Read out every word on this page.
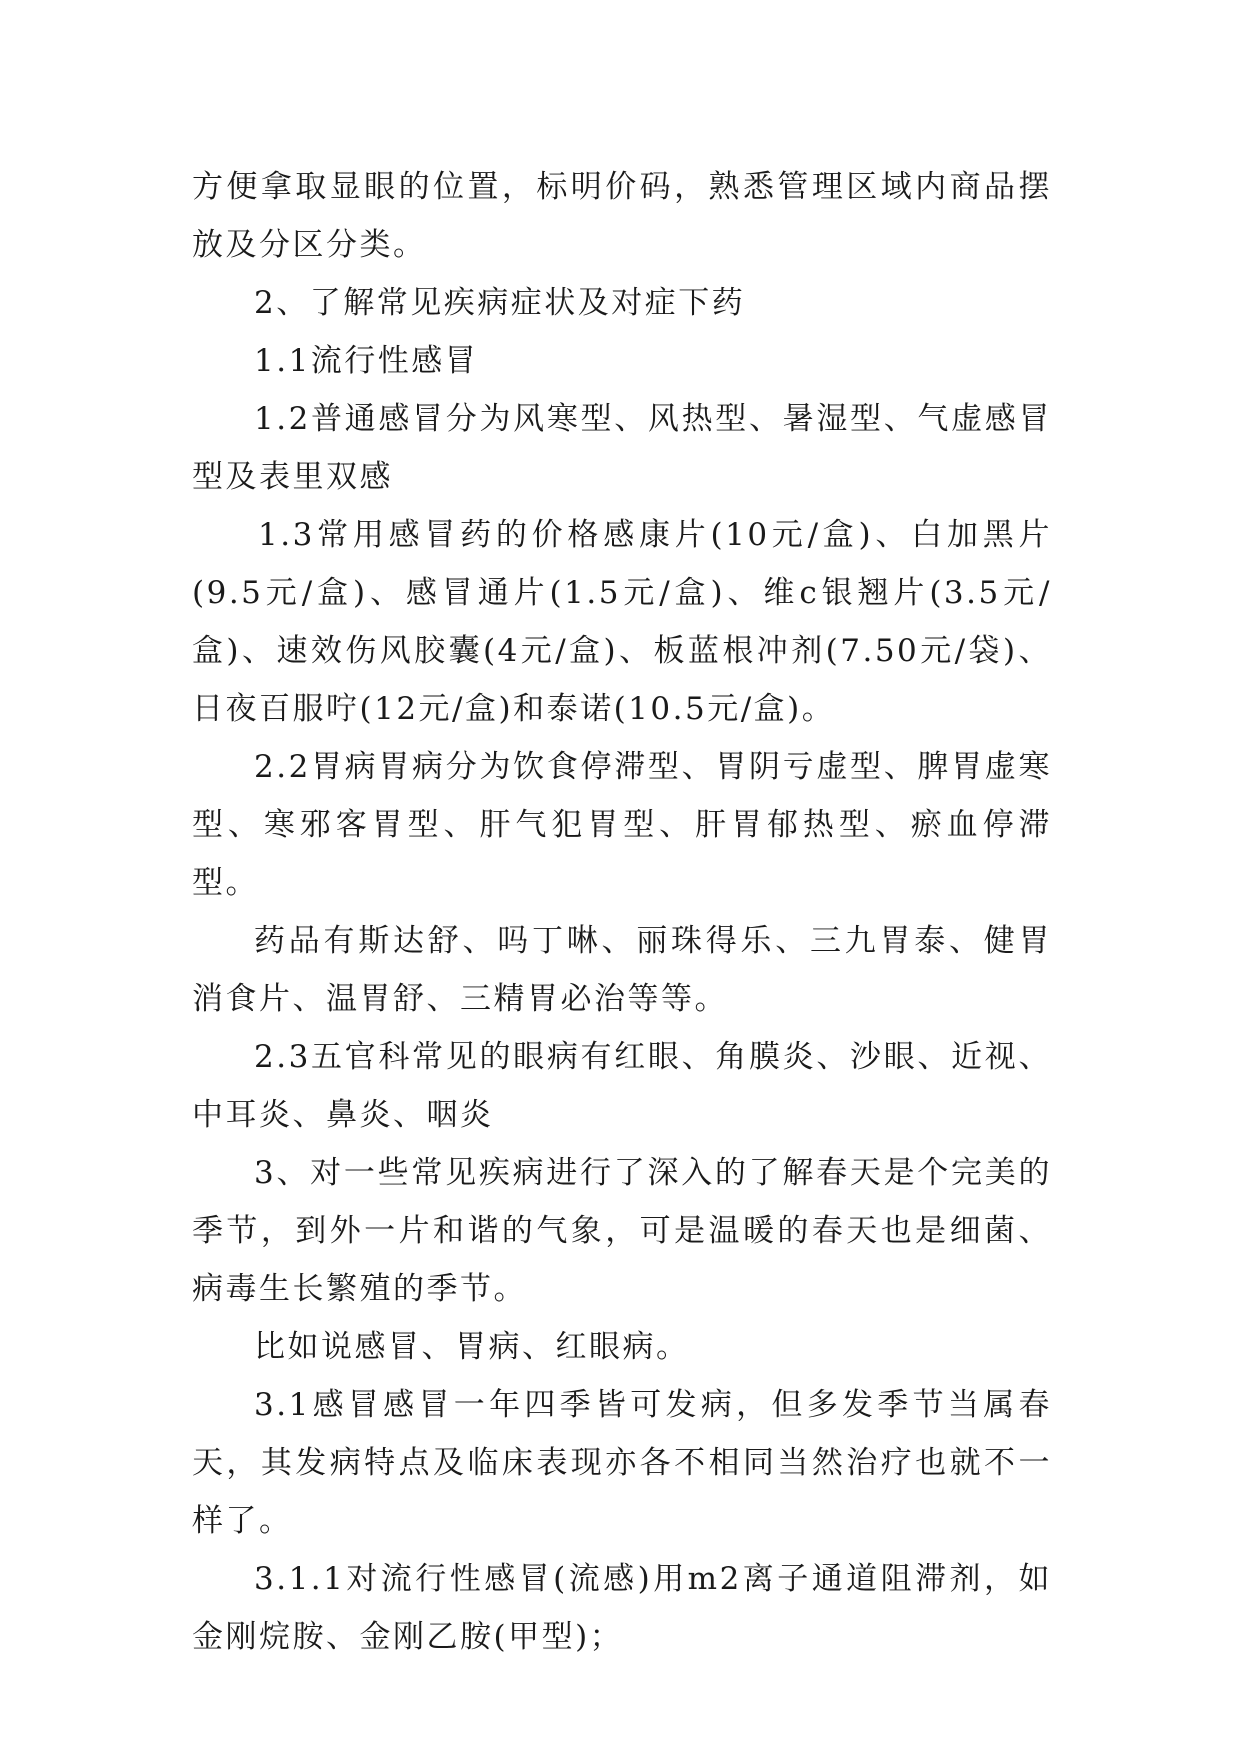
方便拿取显眼的位置，标明价码，熟悉管理区域内商品摆放及分区分类。

2、了解常见疾病症状及对症下药

1.1流行性感冒

1.2普通感冒分为风寒型、风热型、暑湿型、气虚感冒型及表里双感

1.3常用感冒药的价格感康片(10元/盒)、白加黑片(9.5元/盒)、感冒通片(1.5元/盒)、维c银翘片(3.5元/盒)、速效伤风胶囊(4元/盒)、板蓝根冲剂(7.50元/袋)、日夜百服咛(12元/盒)和泰诺(10.5元/盒)。

2.2胃病胃病分为饮食停滞型、胃阴亏虚型、脾胃虚寒型、寒邪客胃型、肝气犯胃型、肝胃郁热型、瘀血停滞型。

药品有斯达舒、吗丁啉、丽珠得乐、三九胃泰、健胃消食片、温胃舒、三精胃必治等等。

2.3五官科常见的眼病有红眼、角膜炎、沙眼、近视、中耳炎、鼻炎、咽炎

3、对一些常见疾病进行了深入的了解春天是个完美的季节，到外一片和谐的气象，可是温暖的春天也是细菌、病毒生长繁殖的季节。

比如说感冒、胃病、红眼病。

3.1感冒感冒一年四季皆可发病，但多发季节当属春天，其发病特点及临床表现亦各不相同当然治疗也就不一样了。

3.1.1对流行性感冒(流感)用m2离子通道阻滞剂，如金刚烷胺、金刚乙胺(甲型)；
